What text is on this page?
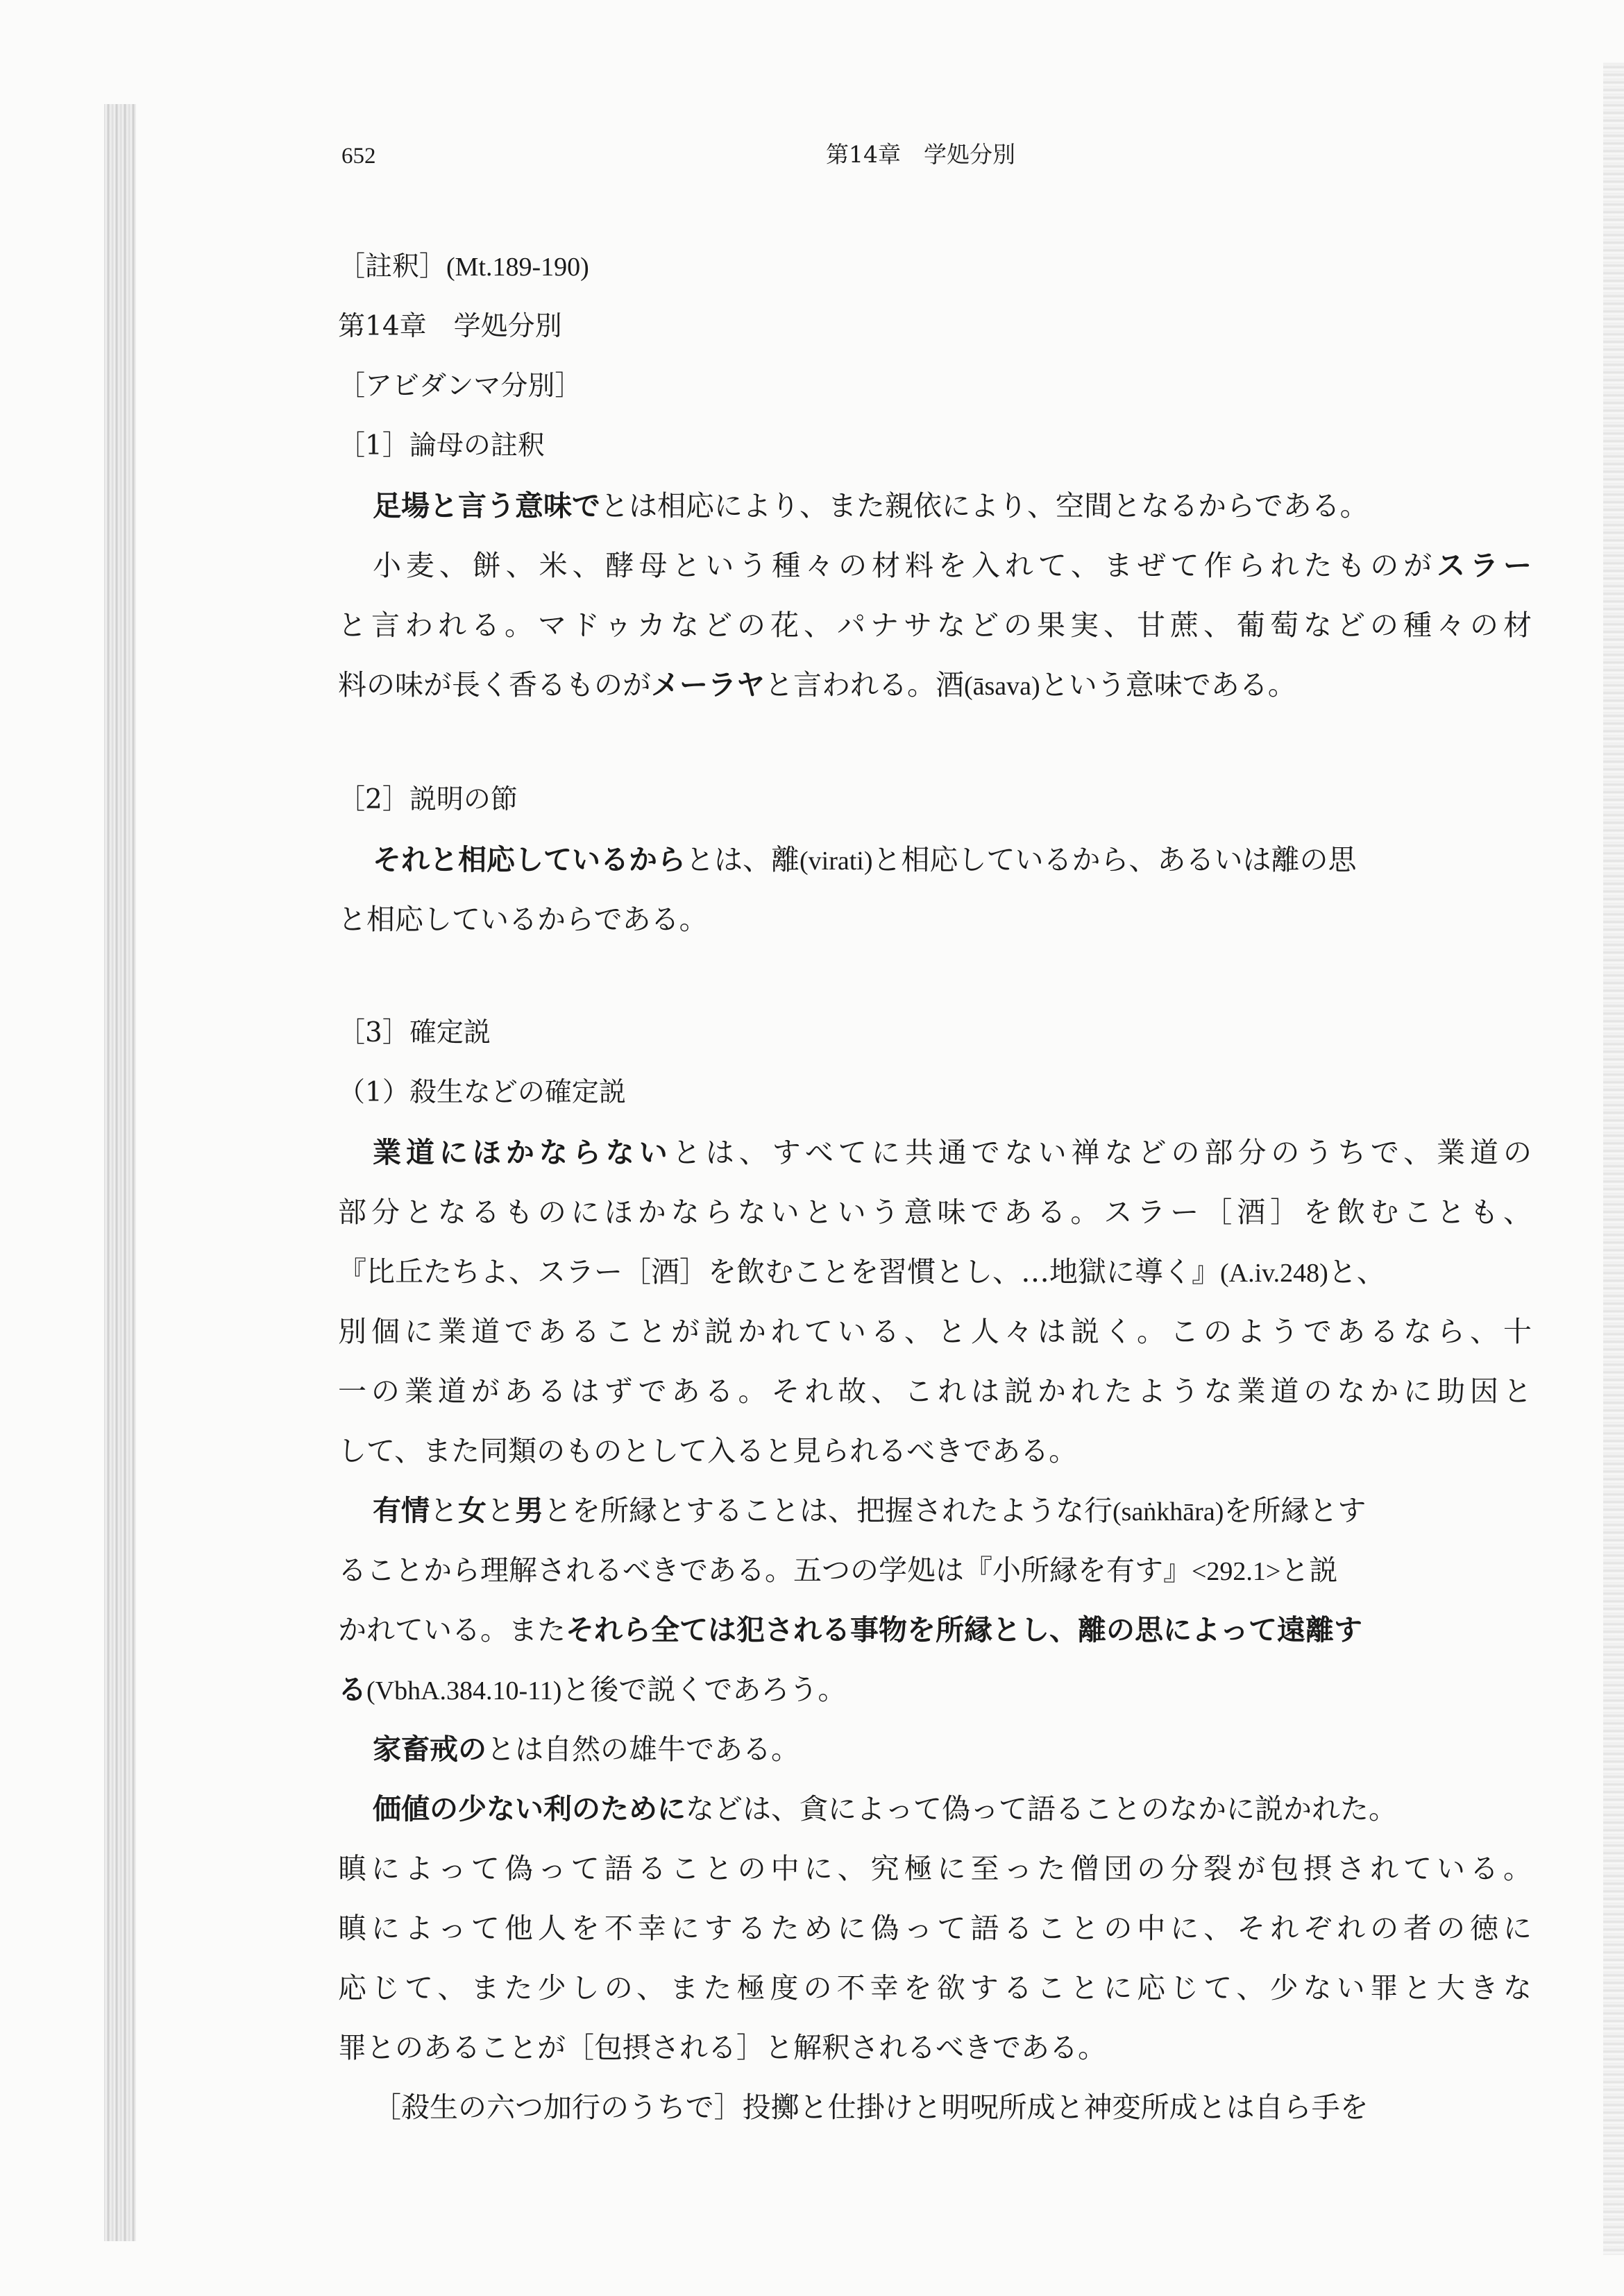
652	第14章　学処分別
［註釈］(Mt.189-190)
第14章　学処分別
［アビダンマ分別］
［1］論母の註釈
足場と言う意味でとは相応により、また親依により、空間となるからである。
小麦、餅、米、酵母という種々の材料を入れて、まぜて作られたものがスラー
と言われる。マドゥカなどの花、パナサなどの果実、甘蔗、葡萄などの種々の材
料の味が長く香るものがメーラヤと言われる。酒(āsava)という意味である。
［2］説明の節
それと相応しているからとは、離(virati)と相応しているから、あるいは離の思
と相応しているからである。
［3］確定説
（1）殺生などの確定説
業道にほかならないとは、すべてに共通でない禅などの部分のうちで、業道の
部分となるものにほかならないという意味である。スラー［酒］を飲むことも、
『比丘たちよ、スラー［酒］を飲むことを習慣とし、…地獄に導く』(A.iv.248)と、
別個に業道であることが説かれている、と人々は説く。このようであるなら、十
一の業道があるはずである。それ故、これは説かれたような業道のなかに助因と
して、また同類のものとして入ると見られるべきである。
有情と女と男とを所縁とすることは、把握されたような行(saṅkhāra)を所縁とす
ることから理解されるべきである。五つの学処は『小所縁を有す』<292.1>と説
かれている。またそれら全ては犯される事物を所縁とし、離の思によって遠離す
る(VbhA.384.10-11)と後で説くであろう。
家畜戒のとは自然の雄牛である。
価値の少ない利のためになどは、貪によって偽って語ることのなかに説かれた。
瞋によって偽って語ることの中に、究極に至った僧団の分裂が包摂されている。
瞋によって他人を不幸にするために偽って語ることの中に、それぞれの者の徳に
応じて、また少しの、また極度の不幸を欲することに応じて、少ない罪と大きな
罪とのあることが［包摂される］と解釈されるべきである。
［殺生の六つ加行のうちで］投擲と仕掛けと明呪所成と神変所成とは自ら手を
